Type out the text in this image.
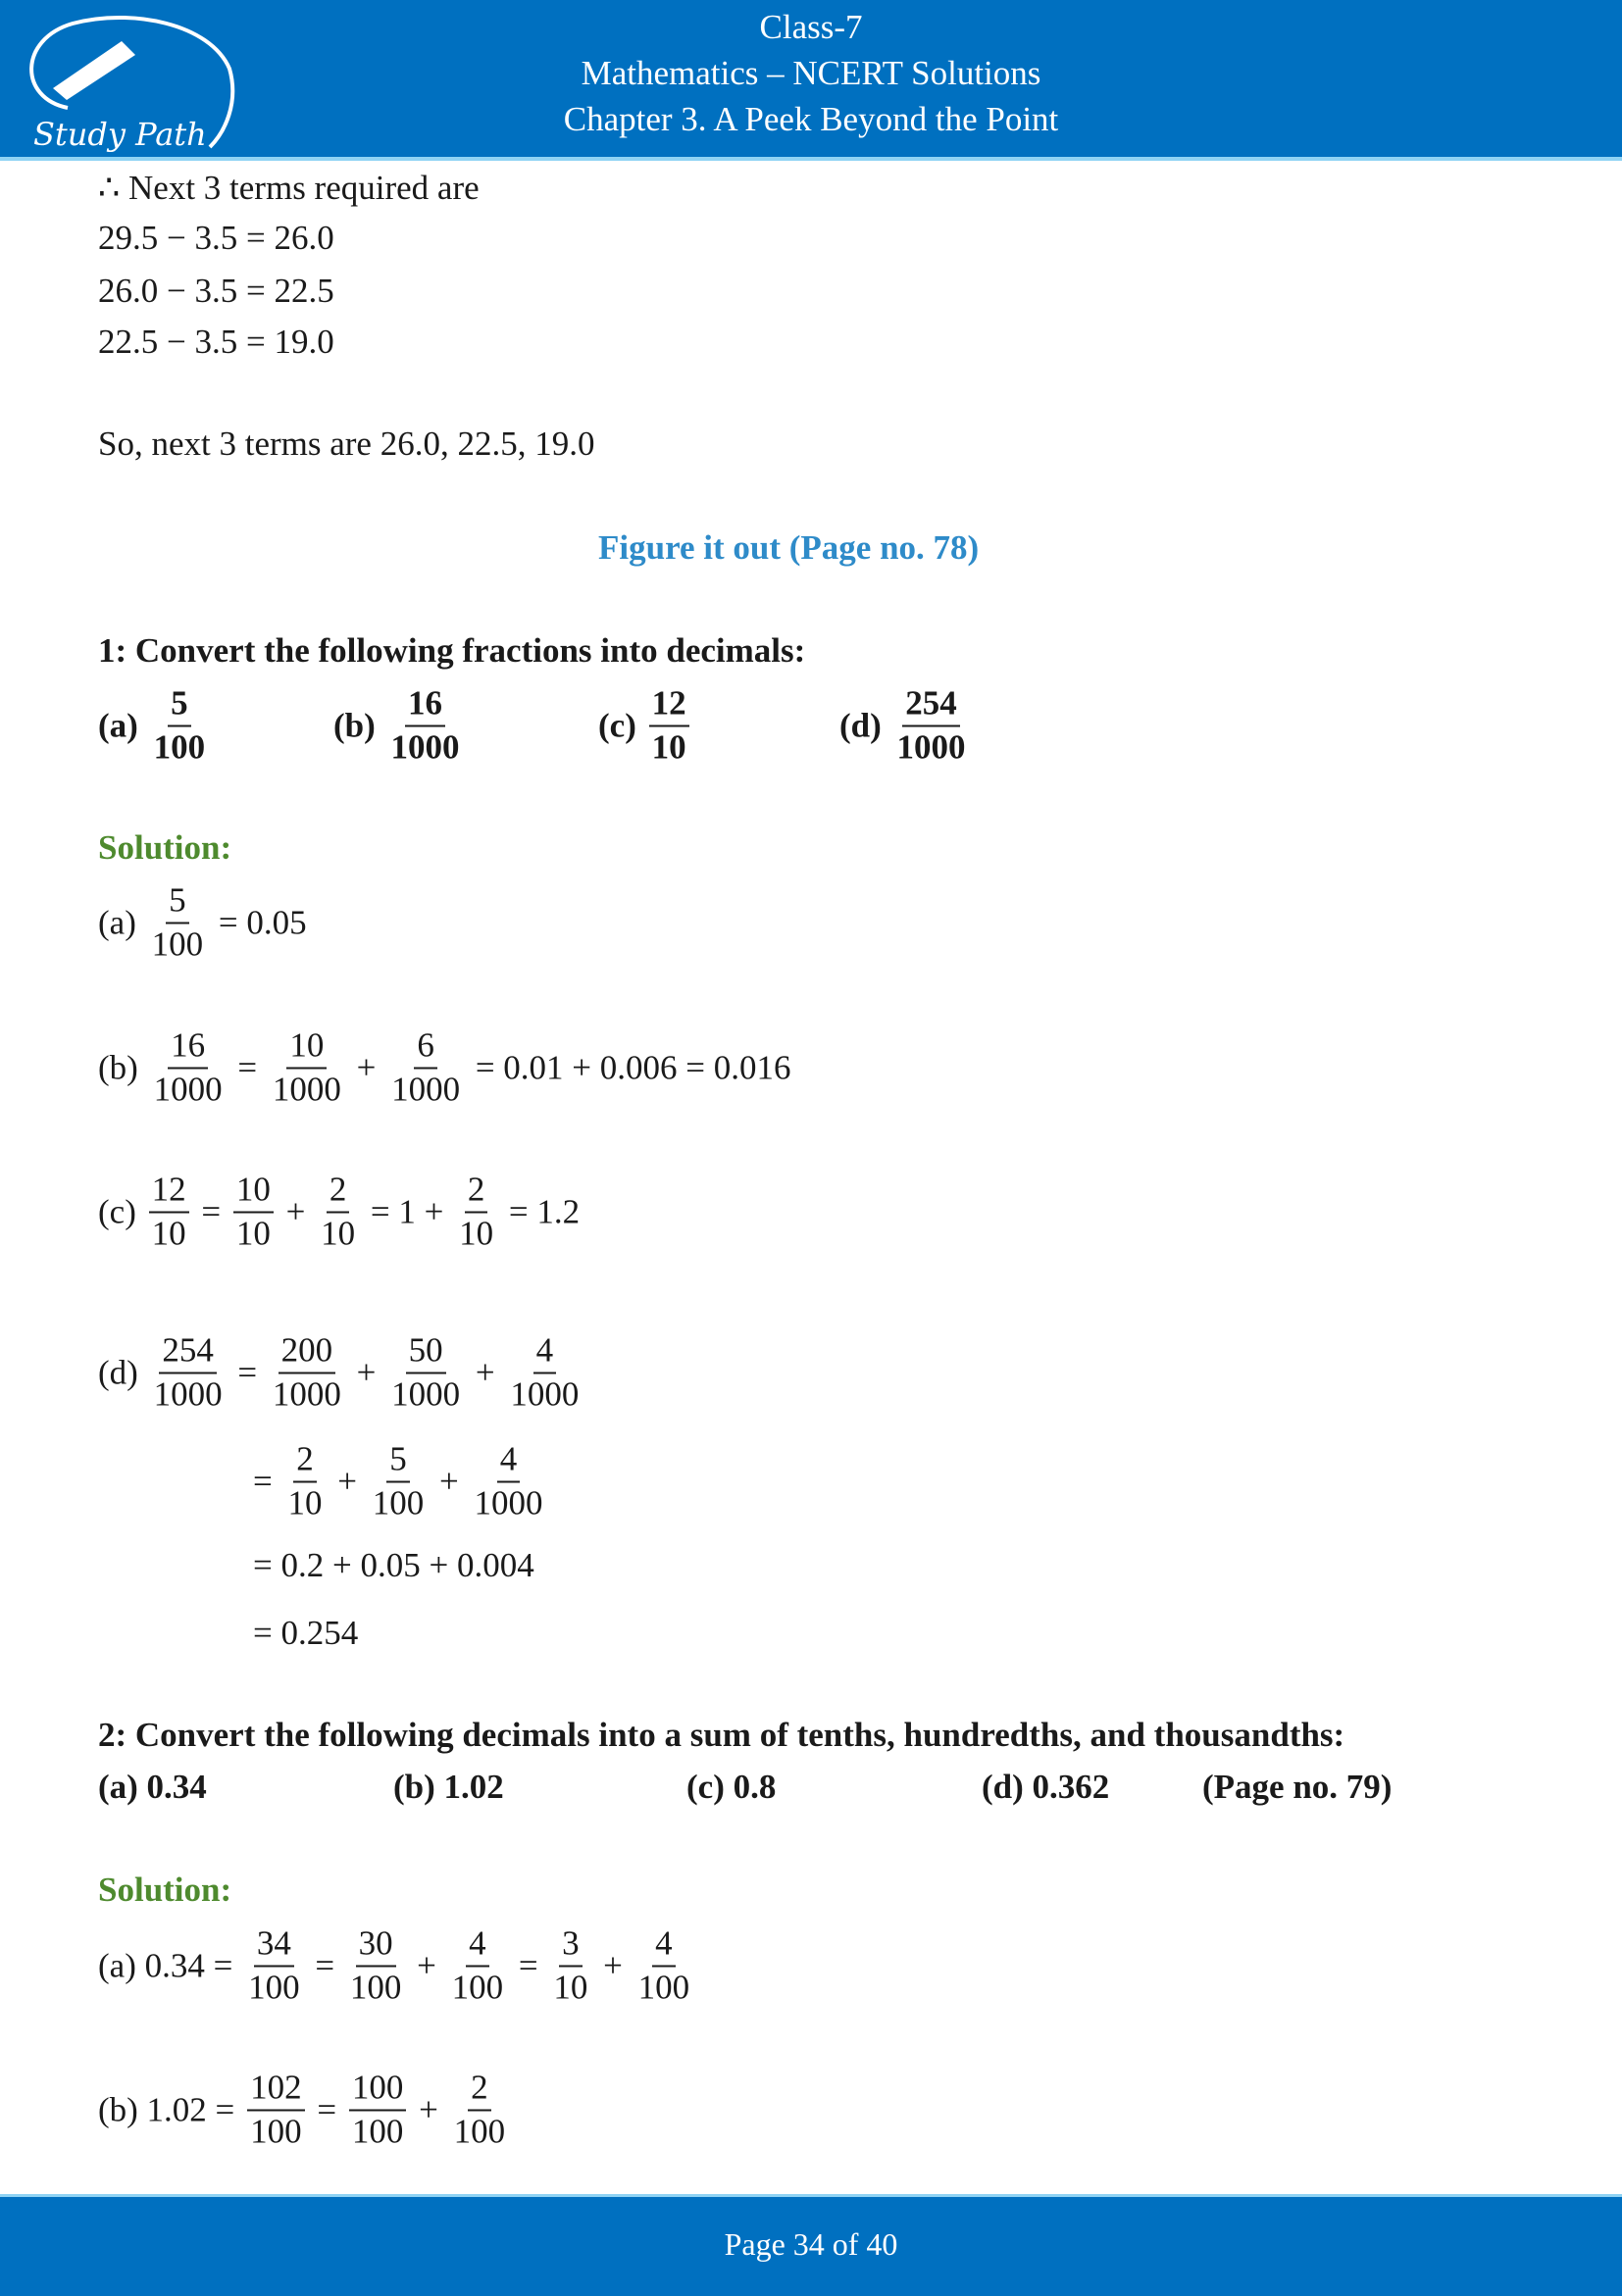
Study Path
Class-7
Mathematics – NCERT Solutions
Chapter 3. A Peek Beyond the Point
∴ Next 3 terms required are
29.5 − 3.5 = 26.0
26.0 − 3.5 = 22.5
22.5 − 3.5 = 19.0
So, next 3 terms are 26.0, 22.5, 19.0
Figure it out (Page no. 78)
1: Convert the following fractions into decimals:
$(a) \frac{5}{100}$	$(b) \frac{16}{1000}$	$(c) \frac{12}{10}$	$(d) \frac{254}{1000}$
Solution:
$(a) \frac{5}{100} = 0.05$
$(b) \frac{16}{1000} = \frac{10}{1000} + \frac{6}{1000} = 0.01 + 0.006 = 0.016$
$(c) \frac{12}{10} = \frac{10}{10} + \frac{2}{10} = 1 + \frac{2}{10} = 1.2$
$(d) \frac{254}{1000} = \frac{200}{1000} + \frac{50}{1000} + \frac{4}{1000}$
= $\frac{2}{10} + \frac{5}{100} + \frac{4}{1000}$
= 0.2 + 0.05 + 0.004
= 0.254
2: Convert the following decimals into a sum of tenths, hundredths, and thousandths:
(a) 0.34	(b) 1.02	(c) 0.8	(d) 0.362	(Page no. 79)
Solution:
(a) $0.34 = \frac{34}{100} = \frac{30}{100} + \frac{4}{100} = \frac{3}{10} + \frac{4}{100}$
(b) $1.02 = \frac{102}{100} = \frac{100}{100} + \frac{2}{100}$
Page 34 of 40
